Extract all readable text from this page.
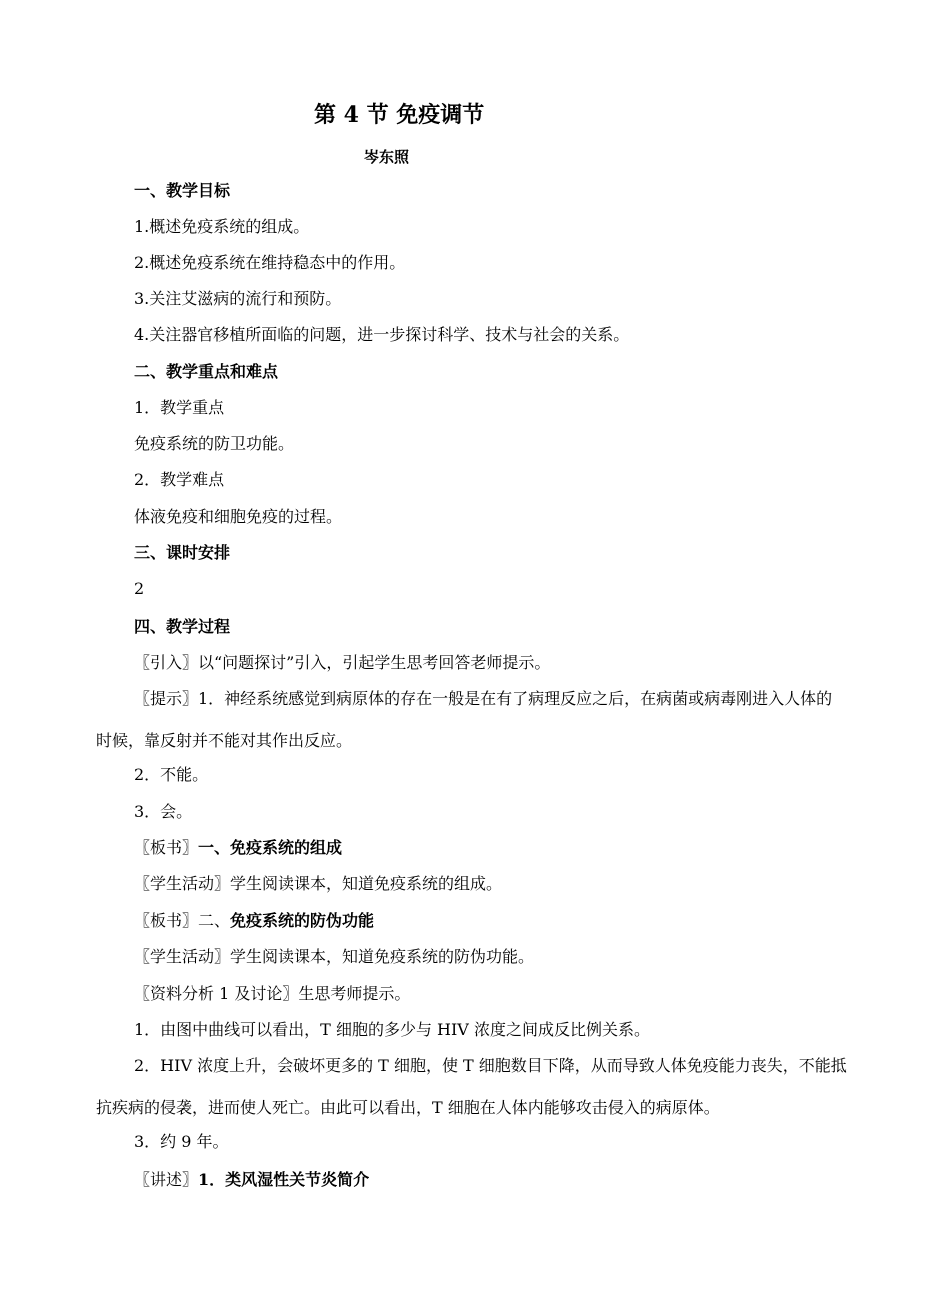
第 4 节 免疫调节
岑东照
一、教学目标
1.概述免疫系统的组成。
2.概述免疫系统在维持稳态中的作用。
3.关注艾滋病的流行和预防。
4.关注器官移植所面临的问题，进一步探讨科学、技术与社会的关系。
二、教学重点和难点
1．教学重点
免疫系统的防卫功能。
2．教学难点
体液免疫和细胞免疫的过程。
三、课时安排
2
四、教学过程
〖引入〗以“问题探讨”引入，引起学生思考回答老师提示。
〖提示〗1．神经系统感觉到病原体的存在一般是在有了病理反应之后，在病菌或病毒刚进入人体的时候，靠反射并不能对其作出反应。
2．不能。
3．会。
〖板书〗一、免疫系统的组成
〖学生活动〗学生阅读课本，知道免疫系统的组成。
〖板书〗二、免疫系统的防伪功能
〖学生活动〗学生阅读课本，知道免疫系统的防伪功能。
〖资料分析 1 及讨论〗生思考师提示。
1．由图中曲线可以看出，T 细胞的多少与 HIV 浓度之间成反比例关系。
2．HIV 浓度上升，会破坏更多的 T 细胞，使 T 细胞数目下降，从而导致人体免疫能力丧失，不能抵抗疾病的侵袭，进而使人死亡。由此可以看出，T 细胞在人体内能够攻击侵入的病原体。
3．约 9 年。
〖讲述〗1．类风湿性关节炎简介
